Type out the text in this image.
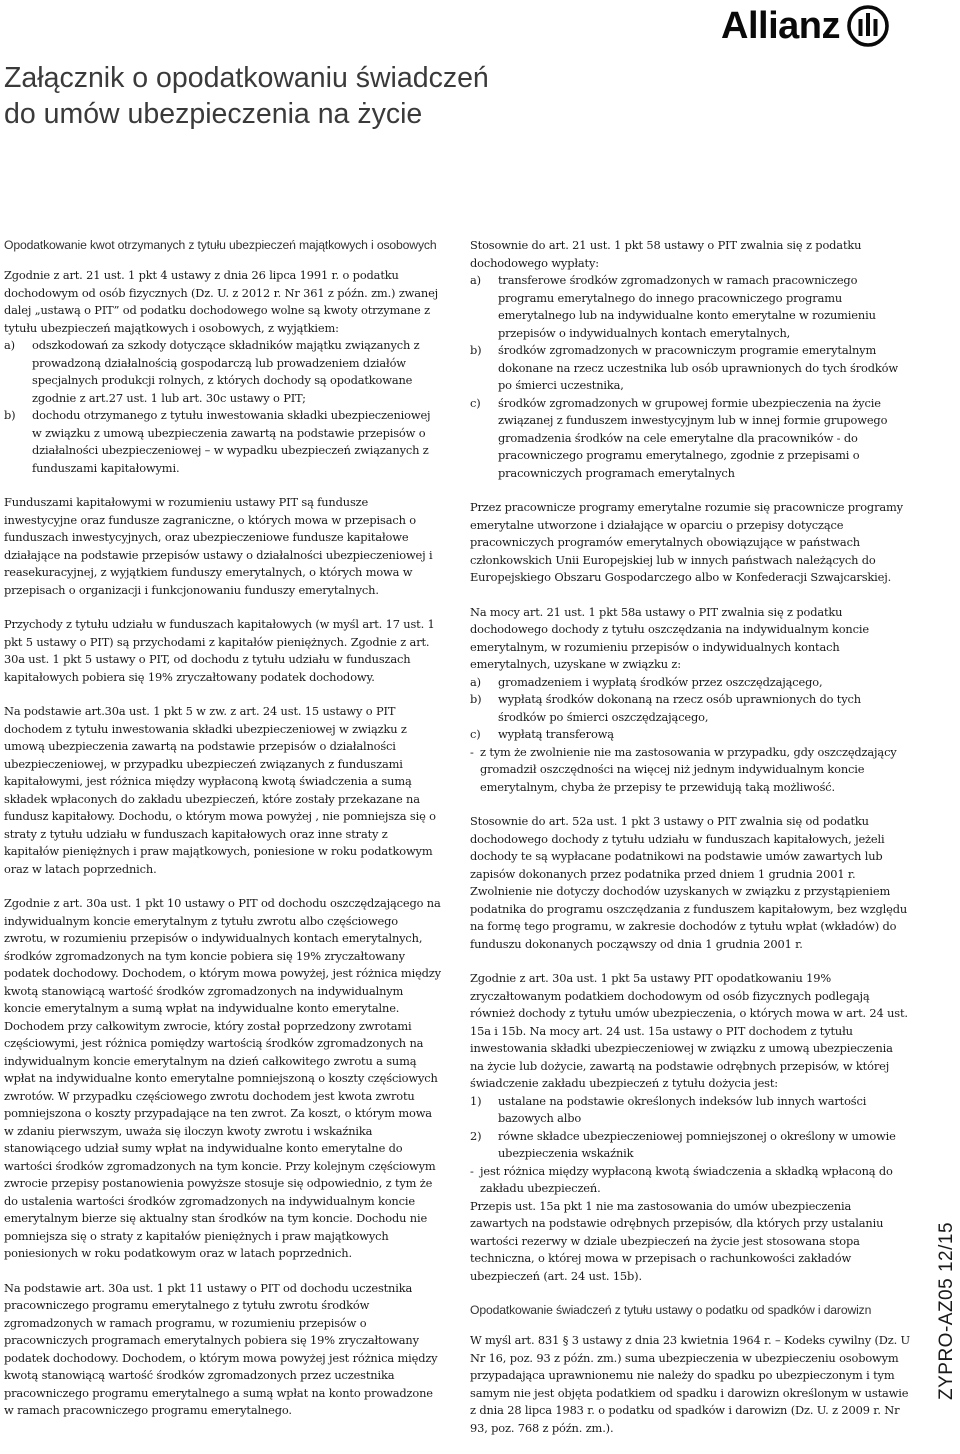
Allianz
Załącznik o opodatkowaniu świadczeń
do umów ubezpieczenia na życie
Opodatkowanie kwot otrzymanych z tytułu ubezpieczeń majątkowych i osobowych

Zgodnie z art. 21 ust. 1 pkt 4 ustawy z dnia 26 lipca 1991 r. o podatku dochodowym od osób fizycznych (Dz. U. z 2012 r. Nr 361 z późn. zm.) zwanej dalej „ustawą o PIT” od podatku dochodowego wolne są kwoty otrzymane z tytułu ubezpieczeń majątkowych i osobowych, z wyjątkiem:

a)	odszkodowań za szkody dotyczące składników majątku związanych z prowadzoną działalnością gospodarczą lub prowadzeniem działów specjalnych produkcji rolnych, z których dochody są opodatkowane zgodnie z art.27 ust. 1 lub art. 30c ustawy o PIT;
b)	dochodu otrzymanego z tytułu inwestowania składki ubezpieczeniowej w związku z umową ubezpieczenia zawartą na podstawie przepisów o działalności ubezpieczeniowej – w wypadku ubezpieczeń związanych z funduszami kapitałowymi.

Funduszami kapitałowymi w rozumieniu ustawy PIT są fundusze inwestycyjne oraz fundusze zagraniczne, o których mowa w przepisach o funduszach inwestycyjnych, oraz ubezpieczeniowe fundusze kapitałowe działające na podstawie przepisów ustawy o działalności ubezpieczeniowej i reasekuracyjnej, z wyjątkiem funduszy emerytalnych, o których mowa w przepisach o organizacji i funkcjonowaniu funduszy emerytalnych.

Przychody z tytułu udziału w funduszach kapitałowych (w myśl art. 17 ust. 1 pkt 5 ustawy o PIT) są przychodami z kapitałów pieniężnych. Zgodnie z art. 30a ust. 1 pkt 5 ustawy o PIT, od dochodu z tytułu udziału w funduszach kapitałowych pobiera się 19% zryczałtowany podatek dochodowy.

Na podstawie art.30a ust. 1 pkt 5 w zw. z art. 24 ust. 15 ustawy o PIT dochodem z tytułu inwestowania składki ubezpieczeniowej w związku z umową ubezpieczenia zawartą na podstawie przepisów o działalności ubezpieczeniowej, w przypadku ubezpieczeń związanych z funduszami kapitałowymi, jest różnica między wypłaconą kwotą świadczenia a sumą składek wpłaconych do zakładu ubezpieczeń, które zostały przekazane na fundusz kapitałowy. Dochodu, o którym mowa powyżej , nie pomniejsza się o straty z tytułu udziału w funduszach kapitałowych oraz inne straty z kapitałów pieniężnych i praw majątkowych, poniesione w roku podatkowym oraz w latach poprzednich.

Zgodnie z art. 30a ust. 1 pkt 10 ustawy o PIT od dochodu oszczędzającego na indywidualnym koncie emerytalnym z tytułu zwrotu albo częściowego zwrotu, w rozumieniu przepisów o indywidualnych kontach emerytalnych, środków zgromadzonych na tym koncie pobiera się 19% zryczałtowany podatek dochodowy. Dochodem, o którym mowa powyżej, jest różnica między kwotą stanowiącą wartość środków zgromadzonych na indywidualnym koncie emerytalnym a sumą wpłat na indywidualne konto emerytalne. Dochodem przy całkowitym zwrocie, który został poprzedzony zwrotami częściowymi, jest różnica pomiędzy wartością środków zgromadzonych na indywidualnym koncie emerytalnym na dzień całkowitego zwrotu a sumą wpłat na indywidualne konto emerytalne pomniejszoną o koszty częściowych zwrotów. W przypadku częściowego zwrotu dochodem jest kwota zwrotu pomniejszona o koszty przypadające na ten zwrot. Za koszt, o którym mowa w zdaniu pierwszym, uważa się iloczyn kwoty zwrotu i wskaźnika stanowiącego udział sumy wpłat na indywidualne konto emerytalne do wartości środków zgromadzonych na tym koncie. Przy kolejnym częściowym zwrocie przepisy postanowienia powyższe stosuje się odpowiednio, z tym że do ustalenia wartości środków zgromadzonych na indywidualnym koncie emerytalnym bierze się aktualny stan środków na tym koncie. Dochodu nie pomniejsza się o straty z kapitałów pieniężnych i praw majątkowych poniesionych w roku podatkowym oraz w latach poprzednich.

Na podstawie art. 30a ust. 1 pkt 11 ustawy o PIT od dochodu uczestnika pracowniczego programu emerytalnego z tytułu zwrotu środków zgromadzonych w ramach programu, w rozumieniu przepisów o pracowniczych programach emerytalnych pobiera się 19% zryczałtowany podatek dochodowy. Dochodem, o którym mowa powyżej jest różnica między kwotą stanowiącą wartość środków zgromadzonych przez uczestnika pracowniczego programu emerytalnego a sumą wpłat na konto prowadzone w ramach pracowniczego programu emerytalnego.

Stosownie do art. 21 ust. 1 pkt 58 ustawy o PIT zwalnia się z podatku dochodowego wypłaty:

a)	transferowe środków zgromadzonych w ramach pracowniczego programu emerytalnego do innego pracowniczego programu emerytalnego lub na indywidualne konto emerytalne w rozumieniu przepisów o indywidualnych kontach emerytalnych,
b)	środków zgromadzonych w pracowniczym programie emerytalnym dokonane na rzecz uczestnika lub osób uprawnionych do tych środków po śmierci uczestnika,
c)	środków zgromadzonych w grupowej formie ubezpieczenia na życie związanej z funduszem inwestycyjnym lub w innej formie grupowego gromadzenia środków na cele emerytalne dla pracowników - do pracowniczego programu emerytalnego, zgodnie z przepisami o pracowniczych programach emerytalnych

Przez pracownicze programy emerytalne rozumie się pracownicze programy emerytalne utworzone i działające w oparciu o przepisy dotyczące pracowniczych programów emerytalnych obowiązujące w państwach członkowskich Unii Europejskiej lub w innych państwach należących do Europejskiego Obszaru Gospodarczego albo w Konfederacji Szwajcarskiej.

Na mocy art. 21 ust. 1 pkt 58a ustawy o PIT zwalnia się z podatku dochodowego dochody z tytułu oszczędzania na indywidualnym koncie emerytalnym, w rozumieniu przepisów o indywidualnych kontach emerytalnych, uzyskane w związku z:

a)	gromadzeniem i wypłatą środków przez oszczędzającego,
b)	wypłatą środków dokonaną na rzecz osób uprawnionych do tych środków po śmierci oszczędzającego,
c)	wypłatą transferową
- z tym że zwolnienie nie ma zastosowania w przypadku, gdy oszczędzający gromadził oszczędności na więcej niż jednym indywidualnym koncie emerytalnym, chyba że przepisy te przewidują taką możliwość.

Stosownie do art. 52a ust. 1 pkt 3 ustawy o PIT zwalnia się od podatku dochodowego dochody z tytułu udziału w funduszach kapitałowych, jeżeli dochody te są wypłacane podatnikowi na podstawie umów zawartych lub zapisów dokonanych przez podatnika przed dniem 1 grudnia 2001 r. Zwolnienie nie dotyczy dochodów uzyskanych w związku z przystąpieniem podatnika do programu oszczędzania z funduszem kapitałowym, bez względu na formę tego programu, w zakresie dochodów z tytułu wpłat (wkładów) do funduszu dokonanych począwszy od dnia 1 grudnia 2001 r.

Zgodnie z art. 30a ust. 1 pkt 5a ustawy PIT opodatkowaniu 19% zryczałtowanym podatkiem dochodowym od osób fizycznych podlegają również dochody z tytułu umów ubezpieczenia, o których mowa w art. 24 ust. 15a i 15b. Na mocy art. 24 ust. 15a ustawy o PIT dochodem z tytułu inwestowania składki ubezpieczeniowej w związku z umową ubezpieczenia na życie lub dożycie, zawartą na podstawie odrębnych przepisów, w której świadczenie zakładu ubezpieczeń z tytułu dożycia jest:

1)	ustalane na podstawie określonych indeksów lub innych wartości bazowych albo
2)	równe składce ubezpieczeniowej pomniejszonej o określony w umowie ubezpieczenia wskaźnik
- jest różnica między wypłaconą kwotą świadczenia a składką wpłaconą do zakładu ubezpieczeń.

Przepis ust. 15a pkt 1 nie ma zastosowania do umów ubezpieczenia zawartych na podstawie odrębnych przepisów, dla których przy ustalaniu wartości rezerwy w dziale ubezpieczeń na życie jest stosowana stopa techniczna, o której mowa w przepisach o rachunkowości zakładów ubezpieczeń (art. 24 ust. 15b).

Opodatkowanie świadczeń z tytułu ustawy o podatku od spadków i darowizn

W myśl art. 831 § 3 ustawy z dnia 23 kwietnia 1964 r. – Kodeks cywilny (Dz. U Nr 16, poz. 93 z późn. zm.) suma ubezpieczenia w ubezpieczeniu osobowym przypadająca uprawnionemu nie należy do spadku po ubezpieczonym i tym samym nie jest objęta podatkiem od spadku i darowizn określonym w ustawie z dnia 28 lipca 1983 r. o podatku od spadków i darowizn (Dz. U. z 2009 r. Nr 93, poz. 768 z późn. zm.).

ZYPRO-AZ05 12/15
